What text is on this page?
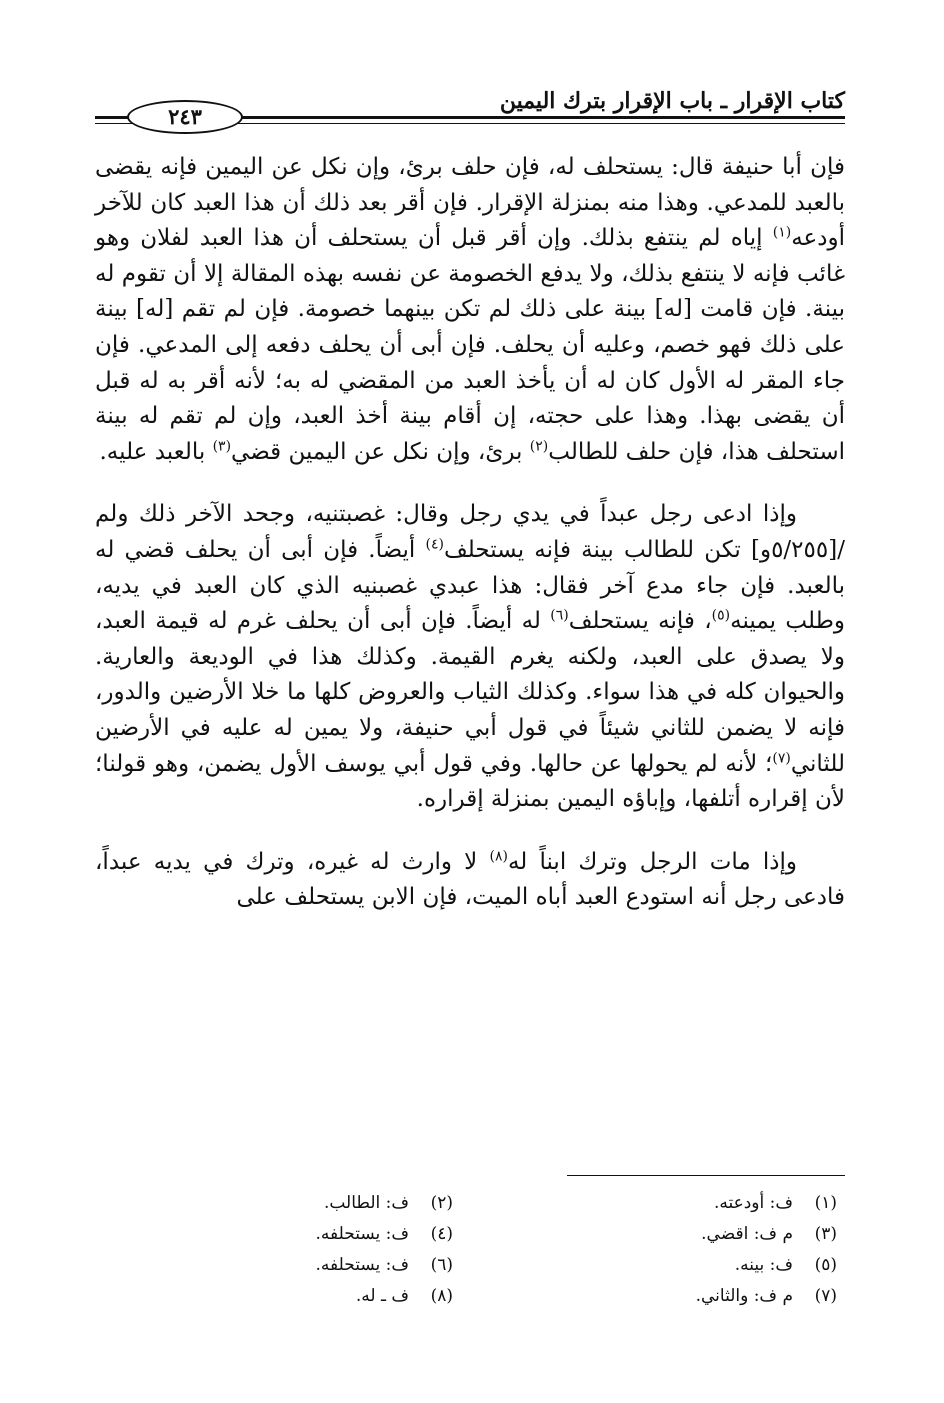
كتاب الإقرار ـ باب الإقرار بترك اليمين
٢٤٣

فإن أبا حنيفة قال: يستحلف له، فإن حلف برئ، وإن نكل عن اليمين فإنه يقضى بالعبد للمدعي. وهذا منه بمنزلة الإقرار. فإن أقر بعد ذلك أن هذا العبد كان للآخر أودعه$^{(١)}$ إياه لم ينتفع بذلك. وإن أقر قبل أن يستحلف أن هذا العبد لفلان وهو غائب فإنه لا ينتفع بذلك، ولا يدفع الخصومة عن نفسه بهذه المقالة إلا أن تقوم له بينة. فإن قامت [له] بينة على ذلك لم تكن بينهما خصومة. فإن لم تقم [له] بينة على ذلك فهو خصم، وعليه أن يحلف. فإن أبى أن يحلف دفعه إلى المدعي. فإن جاء المقر له الأول كان له أن يأخذ العبد من المقضي له به؛ لأنه أقر به له قبل أن يقضى بهذا. وهذا على حجته، إن أقام بينة أخذ العبد، وإن لم تقم له بينة استحلف هذا، فإن حلف للطالب$^{(٢)}$ برئ، وإن نكل عن اليمين قضي$^{(٣)}$ بالعبد عليه.

وإذا ادعى رجل عبداً في يدي رجل وقال: غصبتنيه، وجحد الآخر ذلك ولم /[٥/٢٥٥و] تكن للطالب بينة فإنه يستحلف$^{(٤)}$ أيضاً. فإن أبى أن يحلف قضي له بالعبد. فإن جاء مدع آخر فقال: هذا عبدي غصبنيه الذي كان العبد في يديه، وطلب يمينه$^{(٥)}$، فإنه يستحلف$^{(٦)}$ له أيضاً. فإن أبى أن يحلف غرم له قيمة العبد، ولا يصدق على العبد، ولكنه يغرم القيمة. وكذلك هذا في الوديعة والعارية. والحيوان كله في هذا سواء. وكذلك الثياب والعروض كلها ما خلا الأرضين والدور، فإنه لا يضمن للثاني شيئاً في قول أبي حنيفة، ولا يمين له عليه في الأرضين للثاني$^{(٧)}$؛ لأنه لم يحولها عن حالها. وفي قول أبي يوسف الأول يضمن، وهو قولنا؛ لأن إقراره أتلفها، وإباؤه اليمين بمنزلة إقراره.

وإذا مات الرجل وترك ابناً له$^{(٨)}$ لا وارث له غيره، وترك في يديه عبداً، فادعى رجل أنه استودع العبد أباه الميت، فإن الابن يستحلف على

(١)ف: أودعته.
(٣)م ف: اقضي.
(٥)ف: بينه.
(٧)م ف: والثاني.
(٢)ف: الطالب.
(٤)ف: يستحلفه.
(٦)ف: يستحلفه.
(٨)ف ـ له.
